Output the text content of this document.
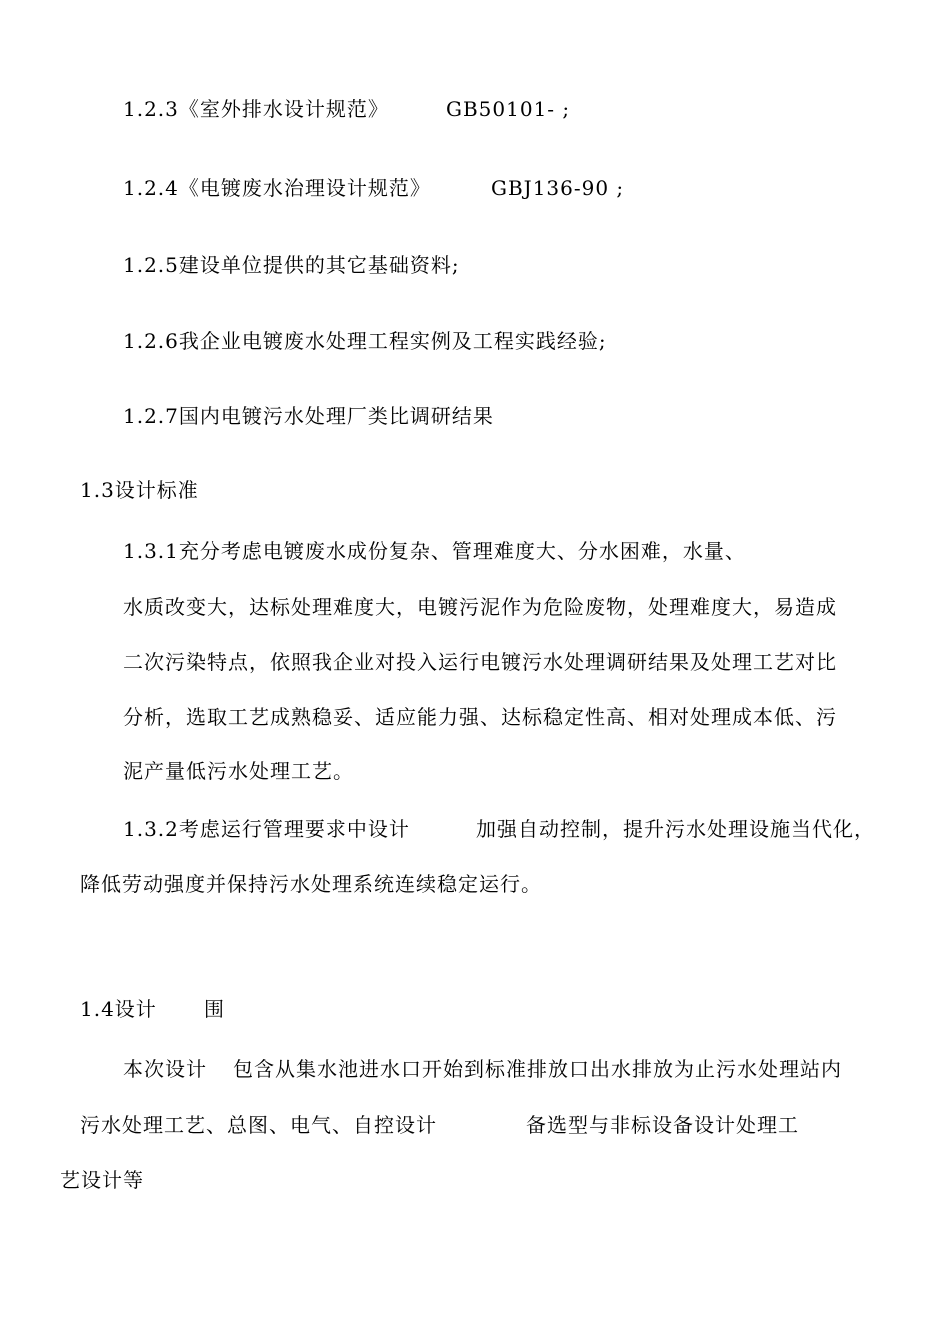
1.2.3《室外排水设计规范》	GB50101- ;
1.2.4《电镀废水治理设计规范》	GBJ136-90 ;
1.2.5建设单位提供的其它基础资料;
1.2.6我企业电镀废水处理工程实例及工程实践经验;
1.2.7国内电镀污水处理厂类比调研结果
1.3设计标准
1.3.1充分考虑电镀废水成份复杂、管理难度大、分水困难，水量、
水质改变大，达标处理难度大，电镀污泥作为危险废物，处理难度大，易造成
二次污染特点，依照我企业对投入运行电镀污水处理调研结果及处理工艺对比
分析，选取工艺成熟稳妥、适应能力强、达标稳定性高、相对处理成本低、污
泥产量低污水处理工艺。
1.3.2考虑运行管理要求中设计	加强自动控制，提升污水处理设施当代化，
降低劳动强度并保持污水处理系统连续稳定运行。
1.4设计 围
本次设计 包含从集水池进水口开始到标准排放口出水排放为止污水处理站内
污水处理工艺、总图、电气、自控设计	备选型与非标设备设计处理工
艺设计等
